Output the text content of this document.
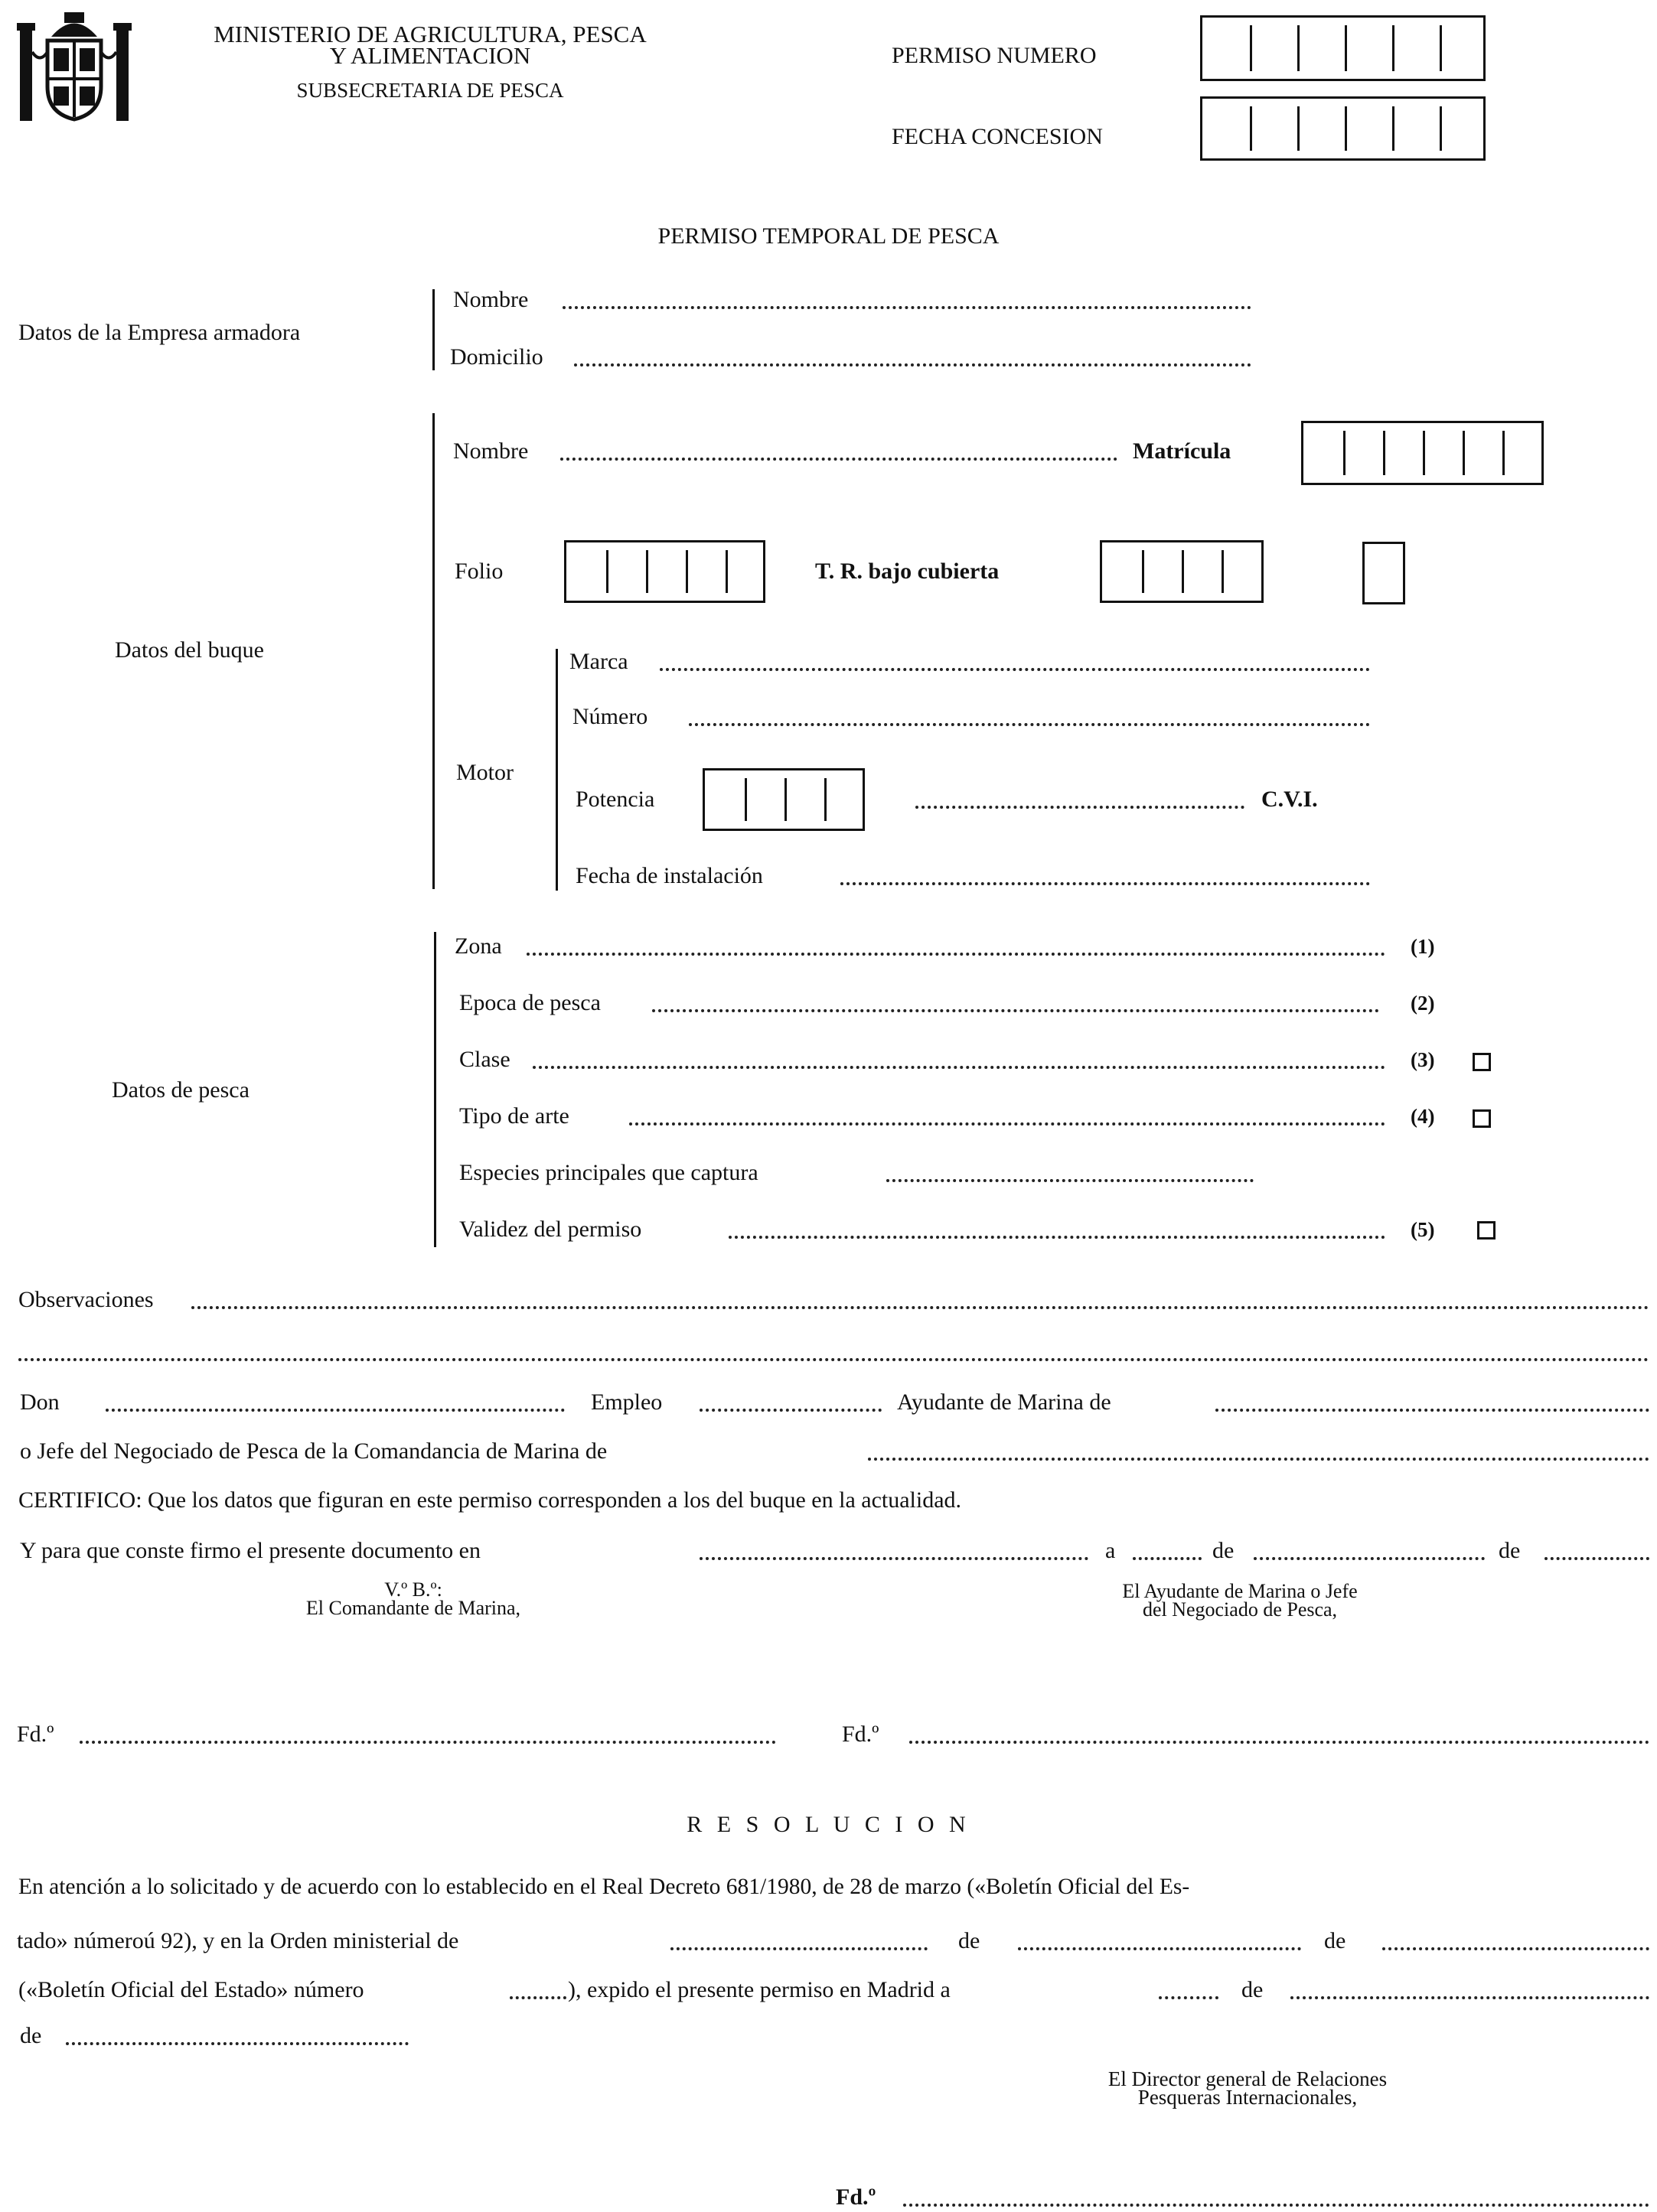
MINISTERIO DE AGRICULTURA, PESCA
Y ALIMENTACION
SUBSECRETARIA DE PESCA
PERMISO NUMERO
FECHA CONCESION
PERMISO TEMPORAL DE PESCA
Datos de la Empresa armadora
Nombre
Domicilio
Datos del buque
Nombre	Matrícula
Folio	T. R. bajo cubierta
Motor
Marca
Número
Potencia	C.V.I.
Fecha de instalación
Datos de pesca
Zona	(1)
Epoca de pesca	(2)
Clase	(3)
Tipo de arte	(4)
Especies principales que captura
Validez del permiso	(5)
Observaciones
Don	Empleo	Ayudante de Marina de
o Jefe del Negociado de Pesca de la Comandancia de Marina de
CERTIFICO: Que los datos que figuran en este permiso corresponden a los del buque en la actualidad.
Y para que conste firmo el presente documento en	a	de	de
V.º B.º:
El Comandante de Marina,
El Ayudante de Marina o Jefe
del Negociado de Pesca,
Fd.º	Fd.º
R E S O L U C I O N
En atención a lo solicitado y de acuerdo con lo establecido en el Real Decreto 681/1980, de 28 de marzo («Boletín Oficial del Es-
tado» númeroú 92), y en la Orden ministerial de	de	de
(«Boletín Oficial del Estado» número	), expido el presente permiso en Madrid a	de
de
El Director general de Relaciones
Pesqueras Internacionales,
Fd.º
